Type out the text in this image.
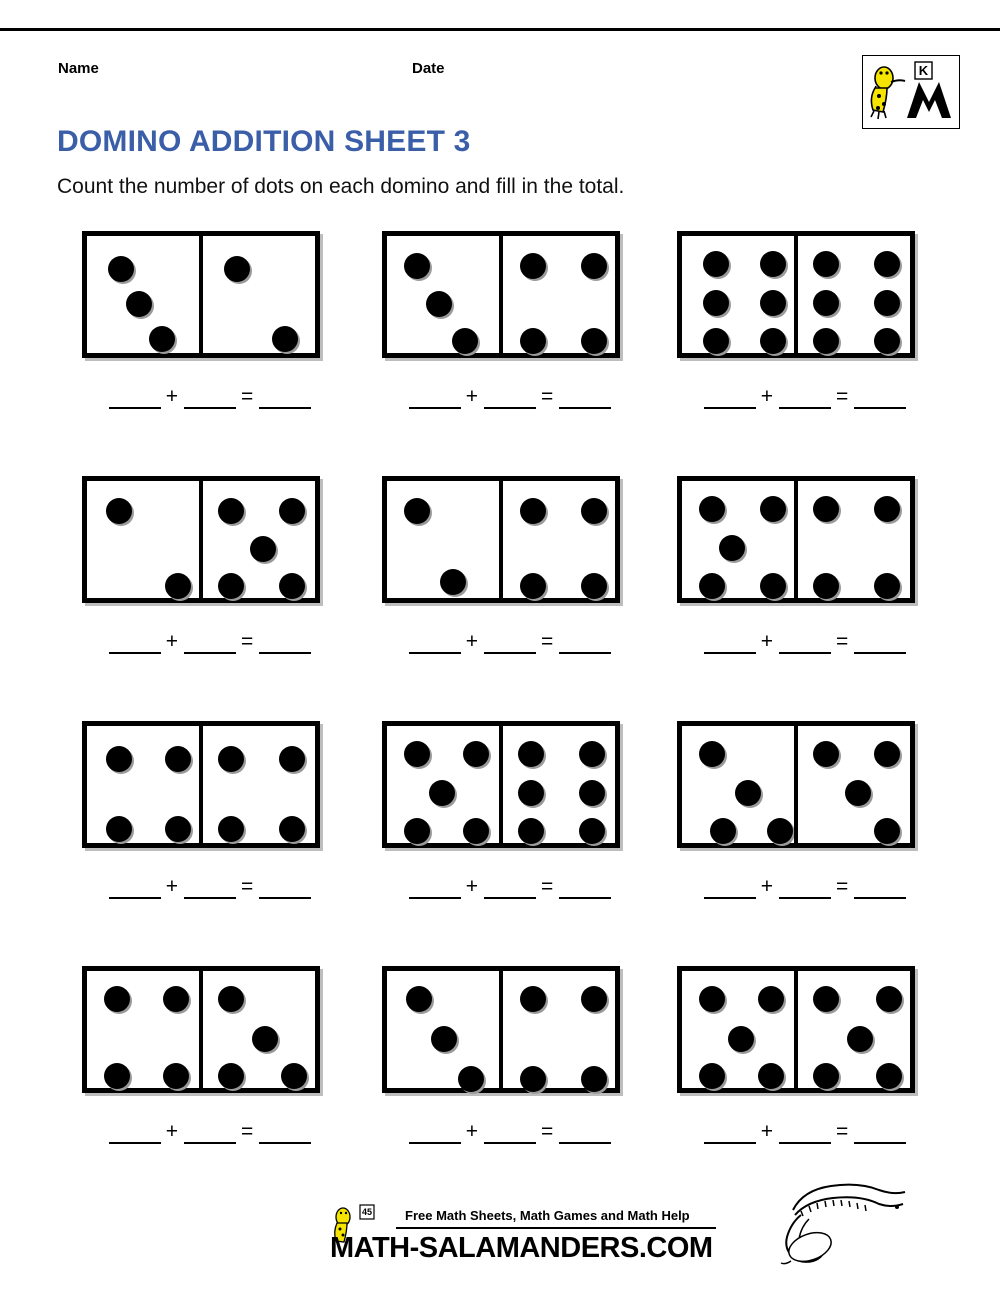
Name	Date	K
DOMINO ADDITION SHEET 3
Count the number of dots on each domino and fill in the total.
+	=	+	=	+	=
+	=	+	=	+	=
+	=	+	=	+	=
+	=	+	=	+	=
45	Free Math Sheets, Math Games and Math Help
MATH-SALAMANDERS.COM
